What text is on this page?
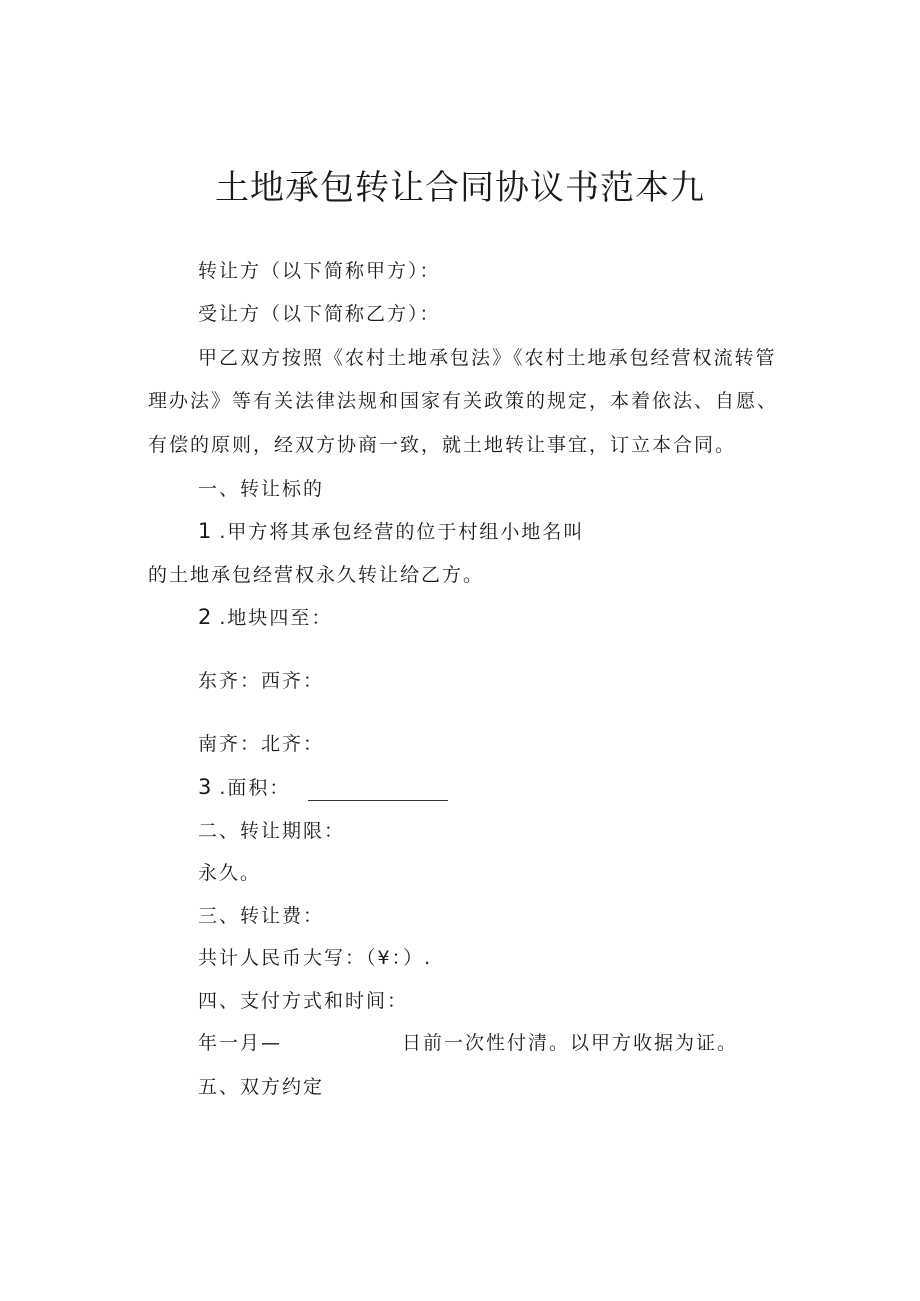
土地承包转让合同协议书范本九
转让方（以下简称甲方）：
受让方（以下简称乙方）：
甲乙双方按照《农村土地承包法》《农村土地承包经营权流转管
理办法》等有关法律法规和国家有关政策的规定，本着依法、自愿、
有偿的原则，经双方协商一致，就土地转让事宜，订立本合同。
一、转让标的
1 .甲方将其承包经营的位于村组小地名叫
的土地承包经营权永久转让给乙方。
2 .地块四至：
东齐：西齐：
南齐：北齐：
3 .面积：
二、转让期限：
永久。
三、转让费：
共计人民币大写：（¥：）.
四、支付方式和时间：
年一月—	日前一次性付清。以甲方收据为证。
五、双方约定
